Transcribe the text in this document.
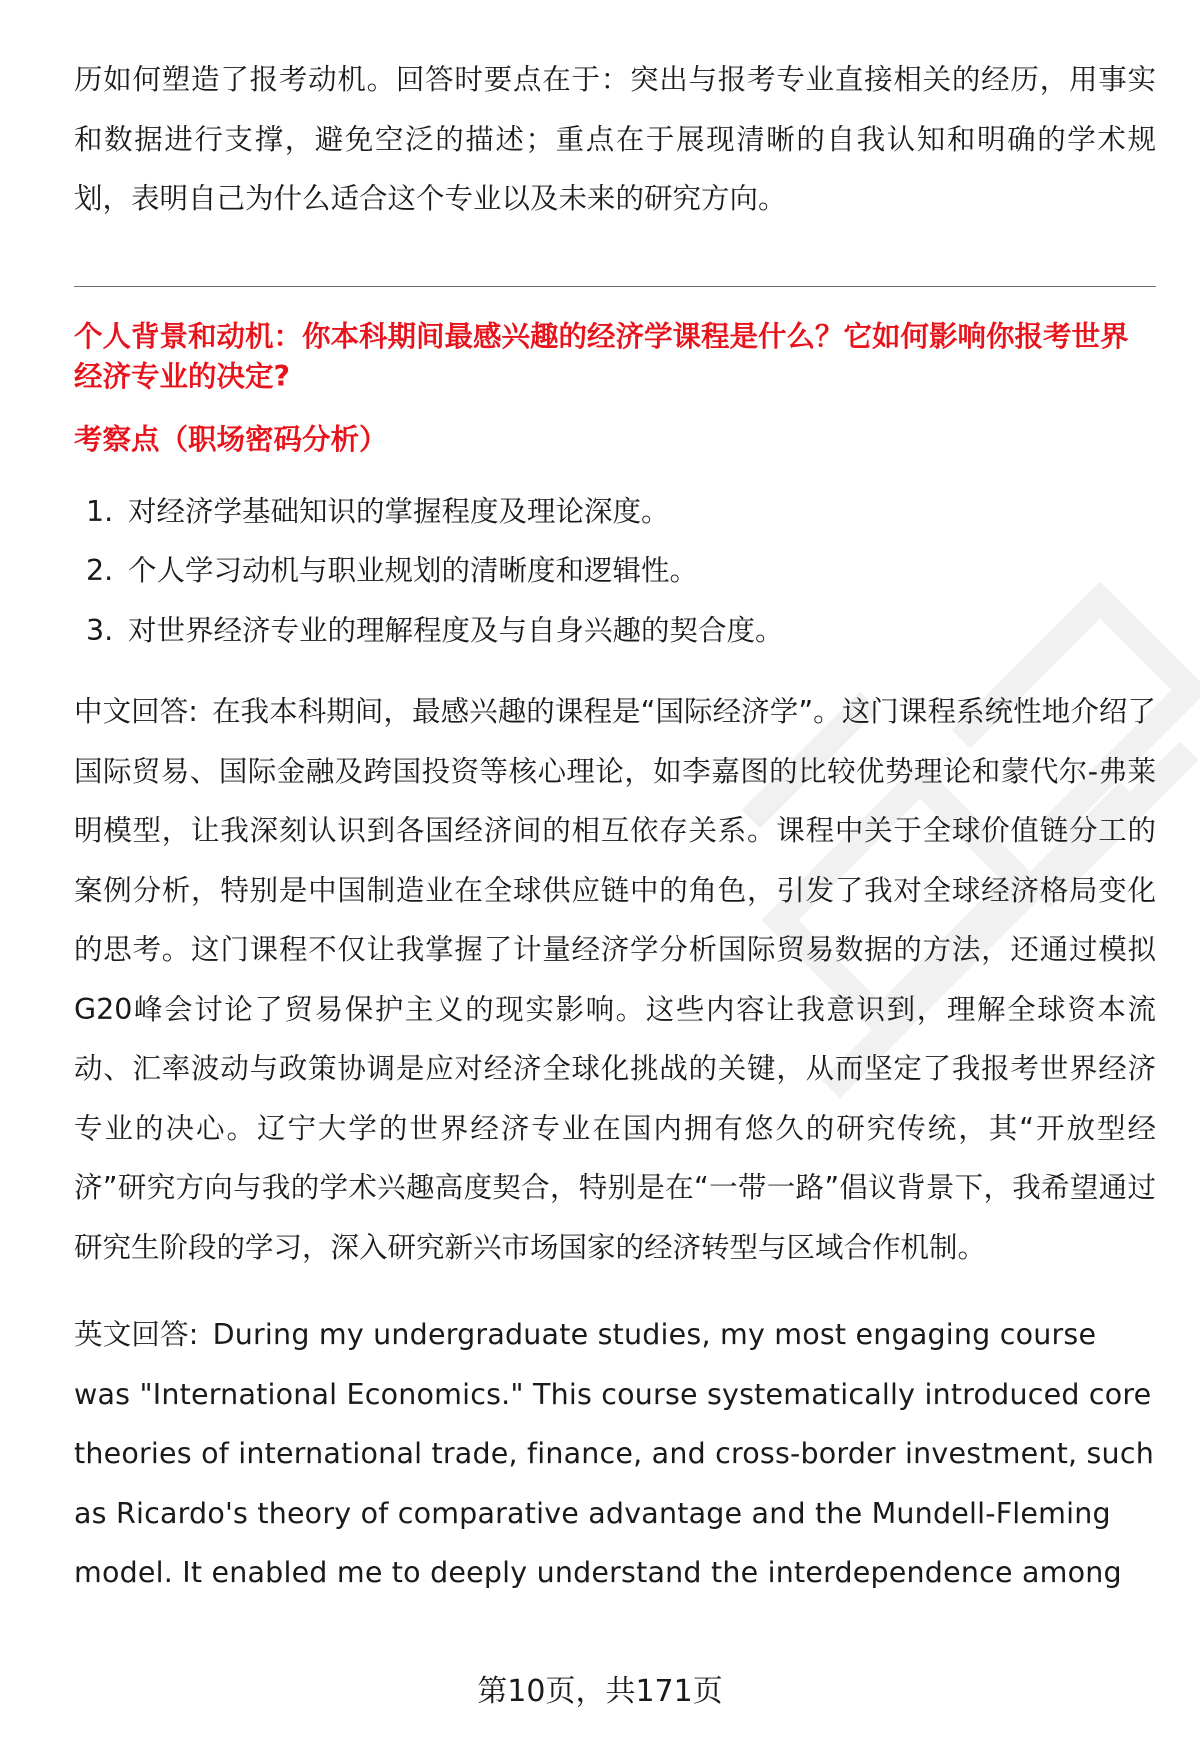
历如何塑造了报考动机。回答时要点在于：突出与报考专业直接相关的经历，用事实和数据进行支撑，避免空泛的描述；重点在于展现清晰的自我认知和明确的学术规划，表明自己为什么适合这个专业以及未来的研究方向。

个人背景和动机：你本科期间最感兴趣的经济学课程是什么？它如何影响你报考世界经济专业的决定?

考察点（职场密码分析）

1. 对经济学基础知识的掌握程度及理论深度。
2. 个人学习动机与职业规划的清晰度和逻辑性。
3. 对世界经济专业的理解程度及与自身兴趣的契合度。

中文回答: 在我本科期间，最感兴趣的课程是“国际经济学”。这门课程系统性地介绍了国际贸易、国际金融及跨国投资等核心理论，如李嘉图的比较优势理论和蒙代尔-弗莱明模型，让我深刻认识到各国经济间的相互依存关系。课程中关于全球价值链分工的案例分析，特别是中国制造业在全球供应链中的角色，引发了我对全球经济格局变化的思考。这门课程不仅让我掌握了计量经济学分析国际贸易数据的方法，还通过模拟G20峰会讨论了贸易保护主义的现实影响。这些内容让我意识到，理解全球资本流动、汇率波动与政策协调是应对经济全球化挑战的关键，从而坚定了我报考世界经济专业的决心。辽宁大学的世界经济专业在国内拥有悠久的研究传统，其“开放型经济”研究方向与我的学术兴趣高度契合，特别是在“一带一路”倡议背景下，我希望通过研究生阶段的学习，深入研究新兴市场国家的经济转型与区域合作机制。

英文回答: During my undergraduate studies, my most engaging course was "International Economics." This course systematically introduced core theories of international trade, finance, and cross-border investment, such as Ricardo's theory of comparative advantage and the Mundell-Fleming model. It enabled me to deeply understand the interdependence among

第10页，共171页
